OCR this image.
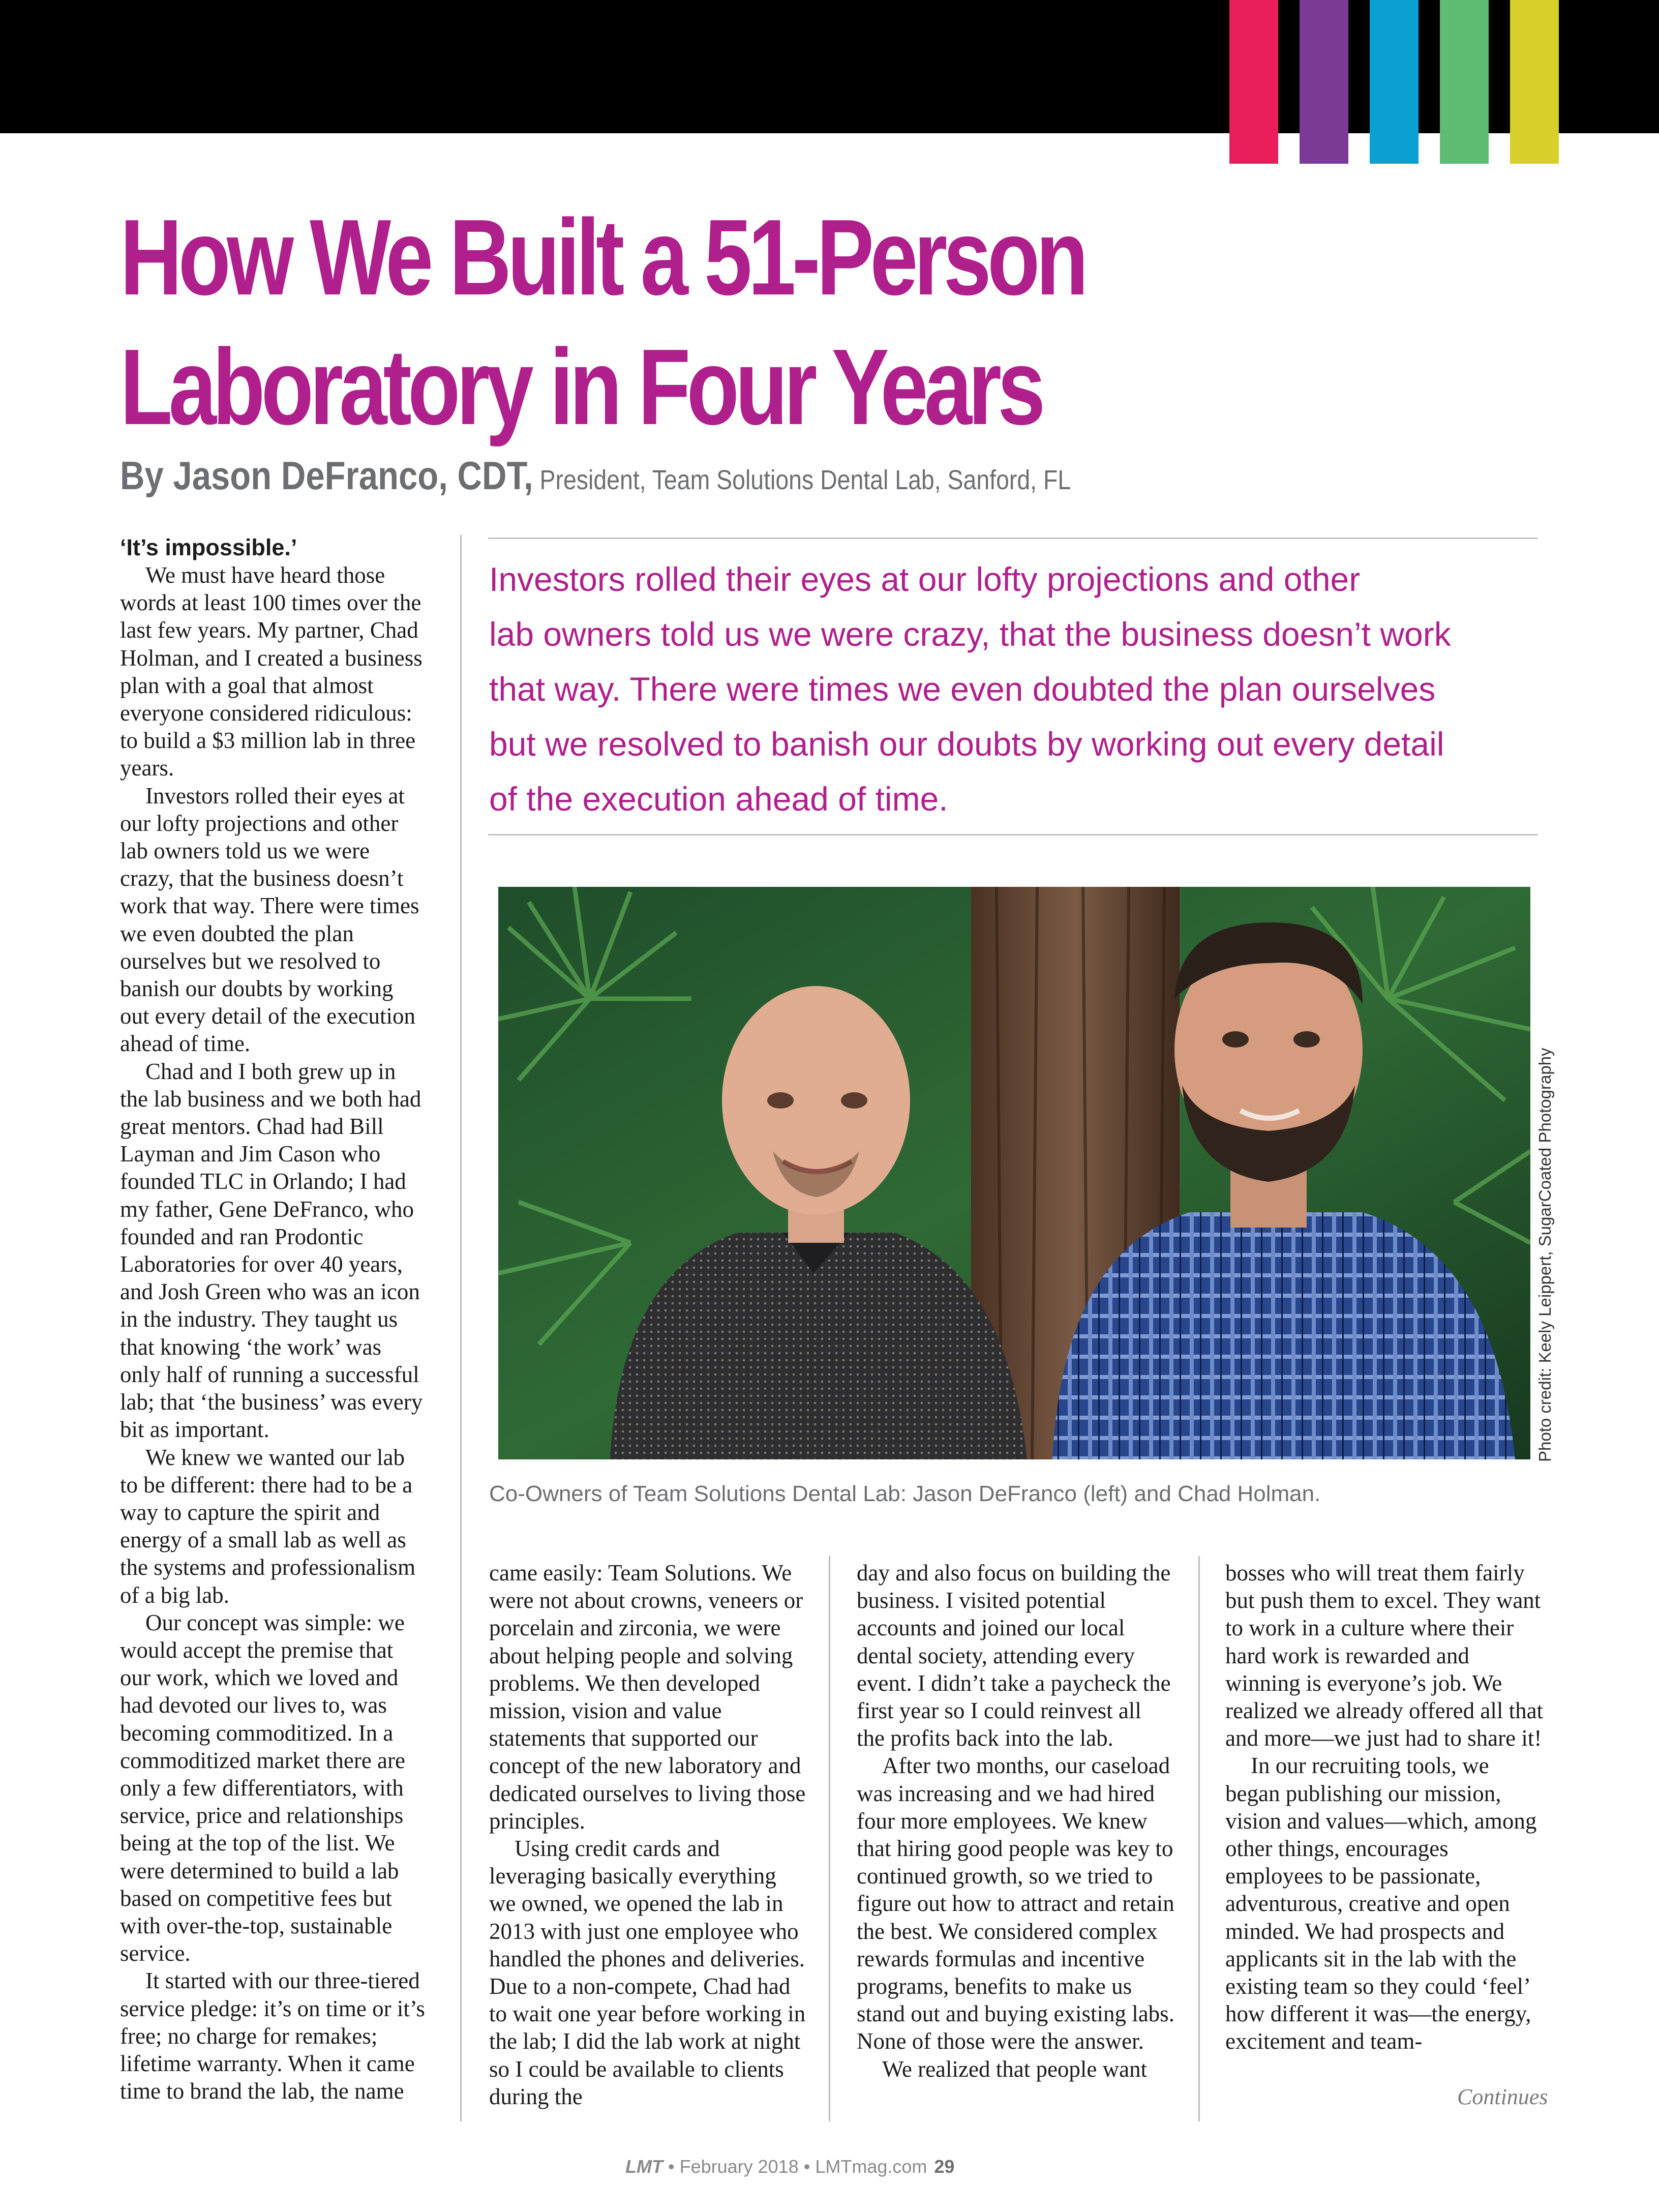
How We Built a 51-Person
Laboratory in Four Years
By Jason DeFranco, CDT, President, Team Solutions Dental Lab, Sanford, FL

‘It’s impossible.’

We must have heard those words at least 100 times over the last few years. My partner, Chad Holman, and I created a business plan with a goal that almost everyone considered ridiculous: to build a $3 million lab in three years.

Investors rolled their eyes at our lofty projections and other lab owners told us we were crazy, that the business doesn’t work that way. There were times we even doubted the plan ourselves but we resolved to banish our doubts by working out every detail of the execution ahead of time.

Chad and I both grew up in the lab business and we both had great mentors. Chad had Bill Layman and Jim Cason who founded TLC in Orlando; I had my father, Gene DeFranco, who founded and ran Prodontic Laboratories for over 40 years, and Josh Green who was an icon in the industry. They taught us that knowing ‘the work’ was only half of running a successful lab; that ‘the business’ was every bit as important.

We knew we wanted our lab to be different: there had to be a way to capture the spirit and energy of a small lab as well as the systems and professionalism of a big lab.

Our concept was simple: we would accept the premise that our work, which we loved and had devoted our lives to, was becoming commoditized. In a commoditized market there are only a few differentiators, with service, price and relationships being at the top of the list. We were determined to build a lab based on competitive fees but with over-the-top, sustainable service.

It started with our three-tiered service pledge: it’s on time or it’s free; no charge for remakes; lifetime warranty. When it came time to brand the lab, the name

Investors rolled their eyes at our lofty projections and other
lab owners told us we were crazy, that the business doesn’t work
that way. There were times we even doubted the plan ourselves
but we resolved to banish our doubts by working out every detail
of the execution ahead of time.
Photo credit: Keely Leippert, SugarCoated Photography
Co-Owners of Team Solutions Dental Lab: Jason DeFranco (left) and Chad Holman.

came easily: Team Solutions. We were not about crowns, veneers or porcelain and zirconia, we were about helping people and solving problems. We then developed mission, vision and value statements that supported our concept of the new laboratory and dedicated ourselves to living those principles.

Using credit cards and leveraging basically everything we owned, we opened the lab in 2013 with just one employee who handled the phones and deliveries. Due to a non-compete, Chad had to wait one year before working in the lab; I did the lab work at night so I could be available to clients during the

day and also focus on building the business. I visited potential accounts and joined our local dental society, attending every event. I didn’t take a paycheck the first year so I could reinvest all the profits back into the lab.

After two months, our caseload was increasing and we had hired four more employees. We knew that hiring good people was key to continued growth, so we tried to figure out how to attract and retain the best. We considered complex rewards formulas and incentive programs, benefits to make us stand out and buying existing labs. None of those were the answer.

We realized that people want

bosses who will treat them fairly but push them to excel. They want to work in a culture where their hard work is rewarded and winning is everyone’s job. We realized we already offered all that and more—we just had to share it!

In our recruiting tools, we began publishing our mission, vision and values—which, among other things, encourages employees to be passionate, adventurous, creative and open minded. We had prospects and applicants sit in the lab with the existing team so they could ‘feel’ how different it was—the energy, excitement and team-

Continues
LMT • February 2018 • LMTmag.com 29
